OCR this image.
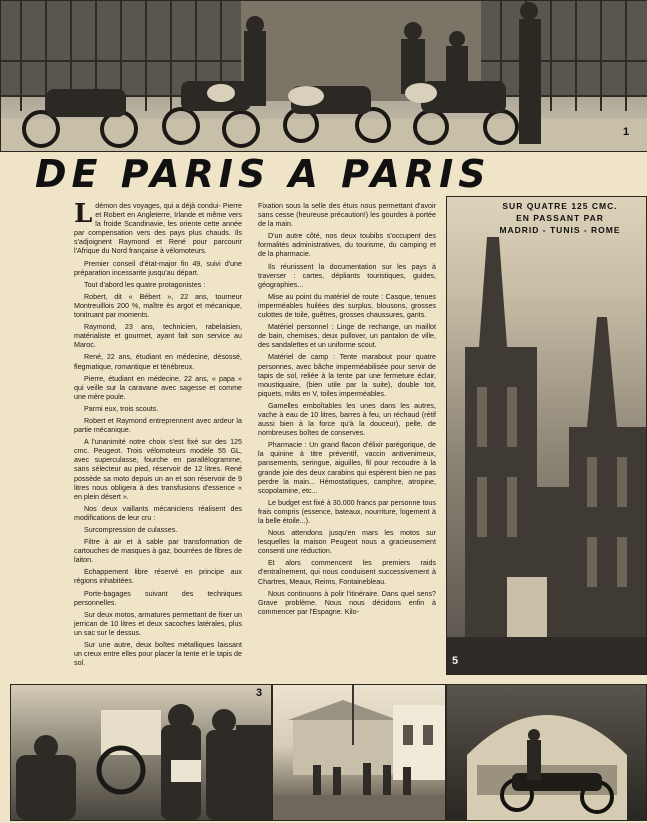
1
DE PARIS A PARIS
SUR QUATRE 125 CMC.
EN PASSANT PAR
MADRID - TUNIS - ROME
5

Ldémon des voyages, qui a déjà condui- Pierre et Robert en Angleterre, Irlande et même vers la froide Scandinavie, les oriente cette année par compensation vers des pays plus chauds. Ils s'adjoignent Raymond et René pour parcourir l'Afrique du Nord française à vélomoteurs.

Premier conseil d'état-major fin 49, suivi d'une préparation incessante jusqu'au départ.

Tout d'abord les quatre protagonistes :

Robert, dit « Bébert », 22 ans, tourneur Montreuillois 200 %, maître ès argot et mécanique, tonitruant par moments.

Raymond, 23 ans, technicien, rabelaisien, matérialiste et gourmet, ayant fait son service au Maroc.

René, 22 ans, étudiant en médecine, désossé, flegmatique, romantique et ténébreux.

Pierre, étudiant en médecine, 22 ans, « papa » qui veille sur la caravane avec sagesse et comme une mère poule.

Parmi eux, trois scouts.

Robert et Raymond entreprennent avec ardeur la partie mécanique.

A l'unanimité notre choix s'est fixé sur des 125 cmc. Peugeot. Trois vélomoteurs modèle 55 GL, avec superculasse, fourche en parallélogramme, sans sélecteur au pied, réservoir de 12 litres. René possède sa moto depuis un an et son réservoir de 9 litres nous obligera à des transfusions d'essence « en plein désert ».

Nos deux vaillants mécaniciens réalisent des modifications de leur cru :

Surcompression de culasses.

Filtre à air et à sable par transformation de cartouches de masques à gaz, bourrées de fibres de laiton.

Echappement libre réservé en principe aux régions inhabitées.

Porte-bagages suivant des techniques personnelles.

Sur deux motos, armatures permettant de fixer un jerrican de 10 litres et deux sacoches latérales, plus un sac sur le dessus.

Sur une autre, deux boîtes métalliques laissant un creux entre elles pour placer la tente et le tapis de sol.

Fixation sous la selle des étuis nous permettant d'avoir sans cesse (heureuse précaution!) les gourdes à portée de la main.

D'un autre côté, nos deux toubibs s'occupent des formalités administratives, du tourisme, du camping et de la pharmacie.

Ils réunissent la documentation sur les pays à traverser : cartes, dépliants touristiques, guides, géographies...

Mise au point du matériel de route : Casque, tenues imperméables huilées des surplus, blousons, grosses culottes de toile, guêtres, grosses chaussures, gants.

Matériel personnel : Linge de rechange, un maillot de bain, chemises, deux pullover, un pantalon de ville, des sandalettes et un uniforme scout.

Matériel de camp : Tente marabout pour quatre personnes, avec bâche imperméabilisée pour servir de tapis de sol, reliée à la tente par une fermeture éclair, moustiquaire, (bien utile par la suite), double toit, piquets, mâts en V, toiles imperméables.

Gamelles emboîtables les unes dans les autres, vache à eau de 10 litres, barres à feu, un réchaud (rétif aussi bien à la force qu'à la douceur), pelle, de nombreuses boîtes de conserves.

Pharmacie : Un grand flacon d'élixir parégorique, de la quinine à titre préventif, vaccin antivenimeux, pansements, seringue, aiguilles, fil pour recoudre à la grande joie des deux carabins qui espèrent bien ne pas perdre la main... Hémostatiques, camphre, atropine, scopolamine, etc...

Le budget est fixé à 30.000 francs par personne tous frais compris (essence, bateaux, nourriture, logement à la belle étoile...).

Nous attendons jusqu'en mars les motos sur lesquelles la maison Peugeot nous a gracieusement consenti une réduction.

Et alors commencent les premiers raids d'entraînement, qui nous conduisent successivement à Chartres, Meaux, Reims, Fontainebleau.

Nous continuons à polir l'itinéraire. Dans quel sens? Grave problème. Nous nous décidons enfin à commencer par l'Espagne. Kilo-

3
